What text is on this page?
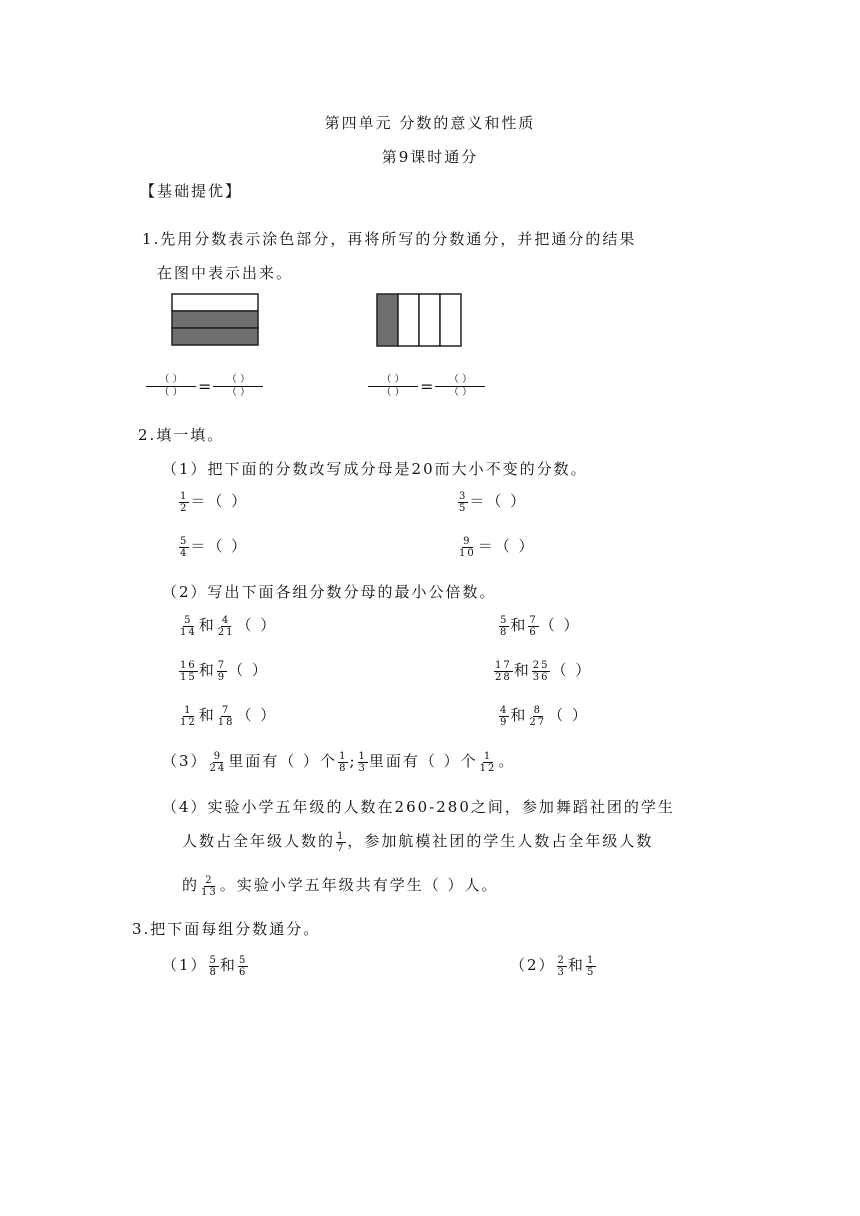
第四单元 分数的意义和性质
第9课时通分
【基础提优】
1.先用分数表示涂色部分，再将所写的分数通分，并把通分的结果
在图中表示出来。
$\frac{( )}{( )} = \frac{( )}{( )}$	$\frac{( )}{( )} = \frac{( )}{( )}$
2.填一填。
（1）把下面的分数改写成分母是20而大小不变的分数。
$\frac{1}{2}$ ＝（ ）	$\frac{3}{5}$ ＝（ ）
$\frac{5}{4}$ ＝（ ）	$\frac{9}{10}$ ＝（ ）
（2）写出下面各组分数分母的最小公倍数。
$\frac{5}{14}$ 和 $\frac{4}{21}$ （ ）	$\frac{5}{8}$ 和 $\frac{7}{6}$ （ ）
$\frac{16}{15}$ 和 $\frac{7}{9}$ （ ）	$\frac{17}{28}$ 和 $\frac{25}{36}$ （ ）
$\frac{1}{12}$ 和 $\frac{7}{18}$ （ ）	$\frac{4}{9}$ 和 $\frac{8}{27}$ （ ）
$(3) \frac{9}{24}$ 里面有（ ）个 $\frac{1}{8}$ ; $\frac{1}{3}$ 里面有（ ）个 $\frac{1}{12}$ 。
（4）实验小学五年级的人数在260-280之间，参加舞蹈社团的学生
人数占全年级人数的 $\frac{1}{7}$ ，参加航模社团的学生人数占全年级人数
的 $\frac{2}{13}$ 。实验小学五年级共有学生（ ）人。
3.把下面每组分数通分。
$(1) \frac{5}{8}$ 和 $\frac{5}{6}$	$(2) \frac{2}{3}$ 和 $\frac{1}{5}$
